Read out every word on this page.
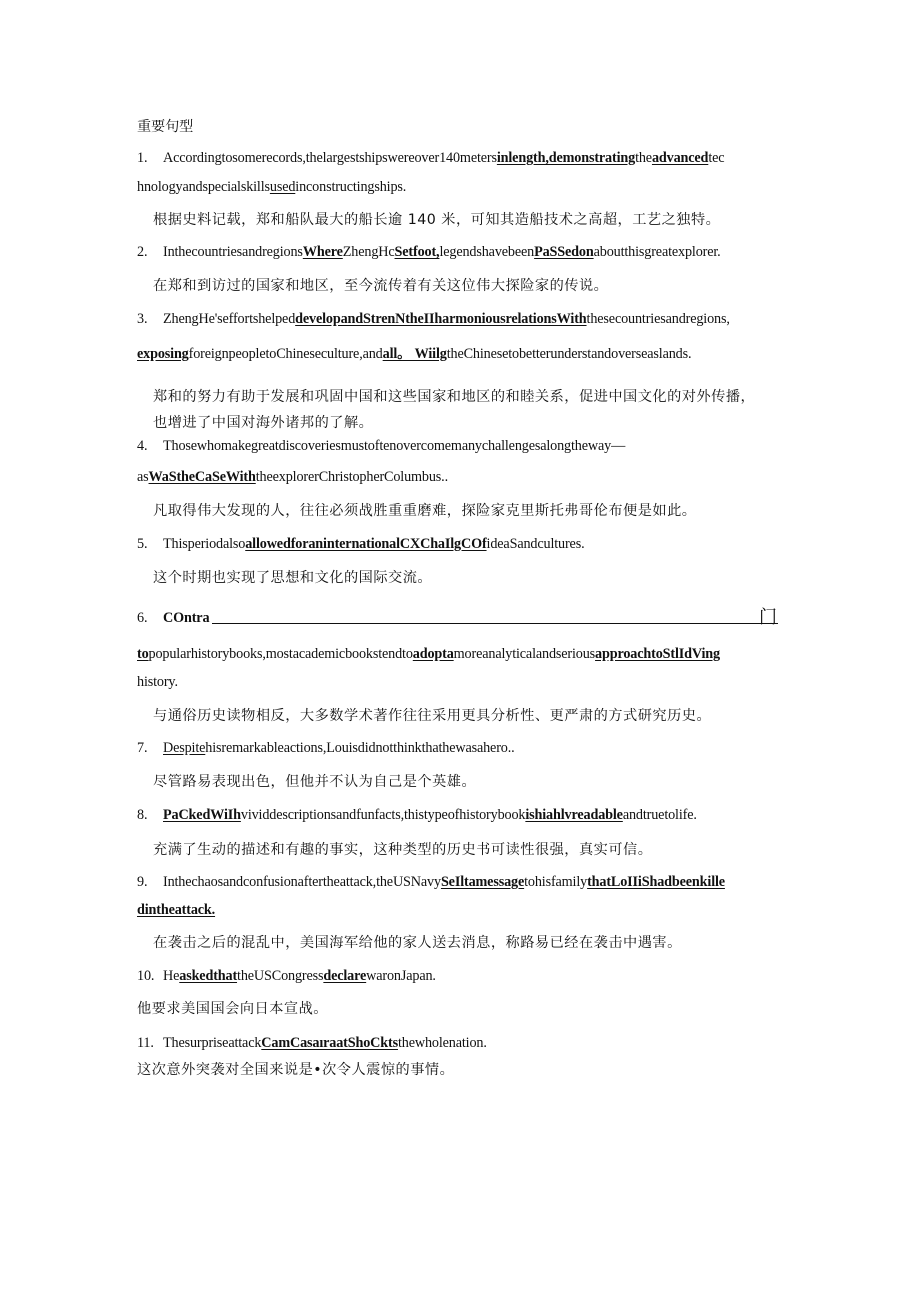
重要句型
1. Accordingtosomerecords,thelargestshipswereover140metersinlength,demonstratingtheadvancedtec
hnologyandspecialskillsusedinconstructingships.
根据史料记载，郑和船队最大的船长逾 140 米，可知其造船技术之高超，工艺之独特。
2. InthecountriesandregionsWhereZhengHcSetfoot,legendshavebeenPaSSedonaboutthisgreatexplorer.
在郑和到访过的国家和地区，至今流传着有关这位伟大探险家的传说。
3. ZhengHe'seffortshelpeddevelopandStrenNtheIIharmoniousrelationsWiththesecountriesandregions,
exposingforeignpeopletoChineseculture,andall。 WiilgtheChinesetobetterunderstandoverseaslands.
郑和的努力有助于发展和巩固中国和这些国家和地区的和睦关系，促进中国文化的对外传播，
也增进了中国对海外诸邦的了解。
4. Thosewhomakegreatdiscoveriesmustoftenovercomemanychallengesalongtheway—
asWaStheCaSeWiththeexplorerChristopherColumbus..
凡取得伟大发现的人，往往必须战胜重重磨难，探险家克里斯托弗哥伦布便是如此。
5. ThisperiodalsoallowedforaninternationalCXChaIlgCOfideaSandcultures.
这个时期也实现了思想和文化的国际交流。
6. COntra	门
topopularhistorybooks,mostacademicbookstendtoadoptamoreanalyticalandseriousapproachtoStlIdVing
history.
与通俗历史读物相反，大多数学术著作往往采用更具分析性、更严肃的方式研究历史。
7. Despitehisremarkableactions,Louisdidnotthinkthathewasahero..
尽管路易表现出色，但他并不认为自己是个英雄。
8. PaCkedWiIhvividdescriptionsandfunfacts,thistypeofhistorybookishiahlvreadableandtruetolife.
充满了生动的描述和有趣的事实，这种类型的历史书可读性很强，真实可信。
9. Inthechaosandconfusionaftertheattack,theUSNavySeIltamessagetohisfamilythatLoIIiShadbeenkille
dintheattack.
在袭击之后的混乱中，美国海军给他的家人送去消息，称路易已经在袭击中遇害。
10. HeaskedthattheUSCongressdeclarewaronJapan.
他要求美国国会向日本宣战。
11. ThesurpriseattackCamCasaıraatShoCktsthewholenation.
这次意外突袭对全国来说是•次令人震惊的事情。
